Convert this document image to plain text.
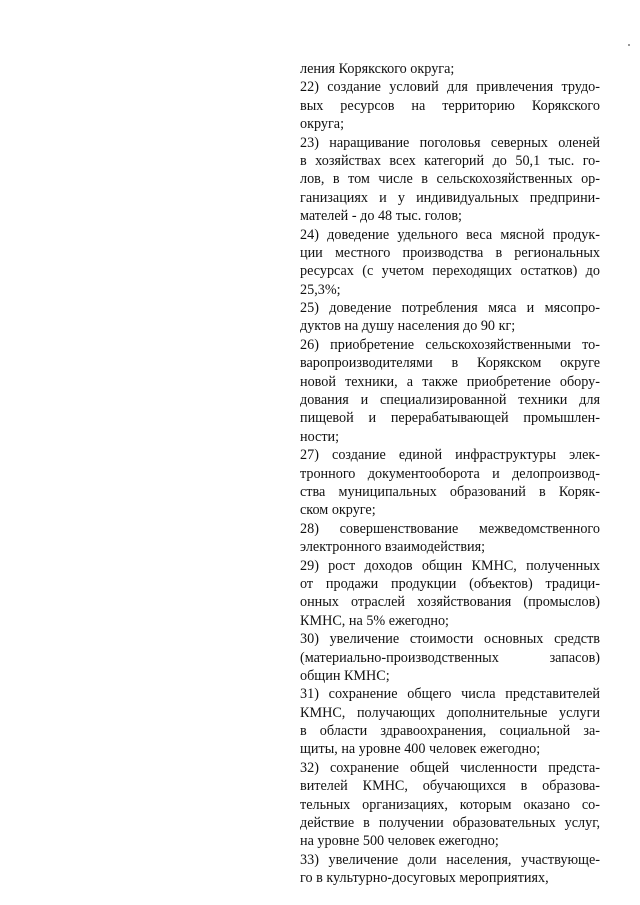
ления Корякского округа;
22) создание условий для привлечения трудо-
вых ресурсов на территорию Корякского
округа;
23) наращивание поголовья северных оленей
в хозяйствах всех категорий до 50,1 тыс. го-
лов, в том числе в сельскохозяйственных ор-
ганизациях и у индивидуальных предприни-
мателей - до 48 тыс. голов;
24) доведение удельного веса мясной продук-
ции местного производства в региональных
ресурсах (с учетом переходящих остатков) до
25,3%;
25) доведение потребления мяса и мясопро-
дуктов на душу населения до 90 кг;
26) приобретение сельскохозяйственными то-
варопроизводителями в Корякском округе
новой техники, а также приобретение обору-
дования и специализированной техники для
пищевой и перерабатывающей промышлен-
ности;
27) создание единой инфраструктуры элек-
тронного документооборота и делопроизвод-
ства муниципальных образований в Коряк-
ском округе;
28) совершенствование межведомственного
электронного взаимодействия;
29) рост доходов общин КМНС, полученных
от продажи продукции (объектов) традици-
онных отраслей хозяйствования (промыслов)
КМНС, на 5% ежегодно;
30) увеличение стоимости основных средств
(материально-производственных запасов)
общин КМНС;
31) сохранение общего числа представителей
КМНС, получающих дополнительные услуги
в области здравоохранения, социальной за-
щиты, на уровне 400 человек ежегодно;
32) сохранение общей численности предста-
вителей КМНС, обучающихся в образова-
тельных организациях, которым оказано со-
действие в получении образовательных услуг,
на уровне 500 человек ежегодно;
33) увеличение доли населения, участвующе-
го в культурно-досуговых мероприятиях,
